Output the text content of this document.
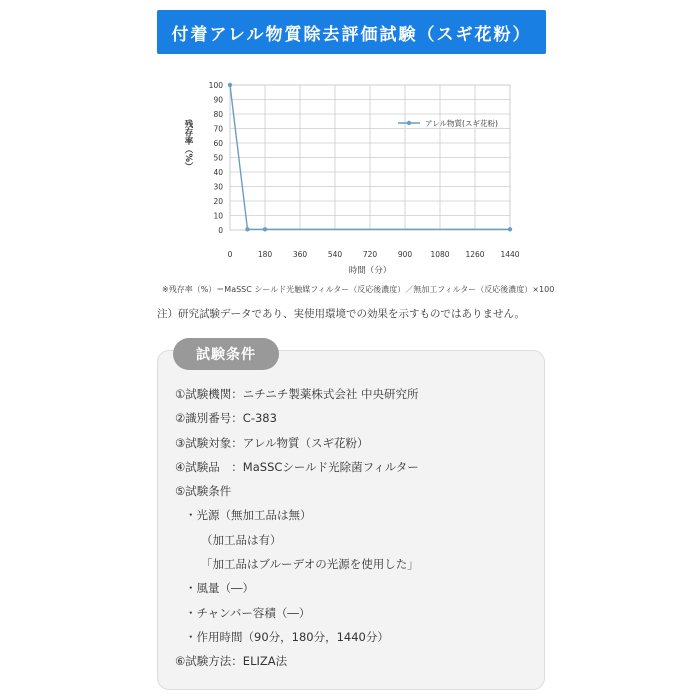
付着アレル物質除去評価試験（スギ花粉）
0
10
20
30
40
50
60
70
80
90
100
0	180	360	540	720	900 1080 1260 1440
時間（分）
残存率（%）	アレル物質(スギ花粉)
※残存率（%）＝MaSSC シールド光触媒フィルター（反応後濃度）／無加工フィルター（反応後濃度）×100
注）研究試験データであり、実使用環境での効果を示すものではありません。
試験条件
①試験機関：ニチニチ製薬株式会社 中央研究所
②識別番号：C-383
③試験対象：アレル物質（スギ花粉）
④試験品　：MaSSCシールド光除菌フィルター
⑤試験条件
・光源（無加工品は無）
（加工品は有）
「加工品はブルーデオの光源を使用した」
・風量（―）
・チャンバー容積（―）
・作用時間（90分，180分，1440分）
⑥試験方法：ELIZA法
